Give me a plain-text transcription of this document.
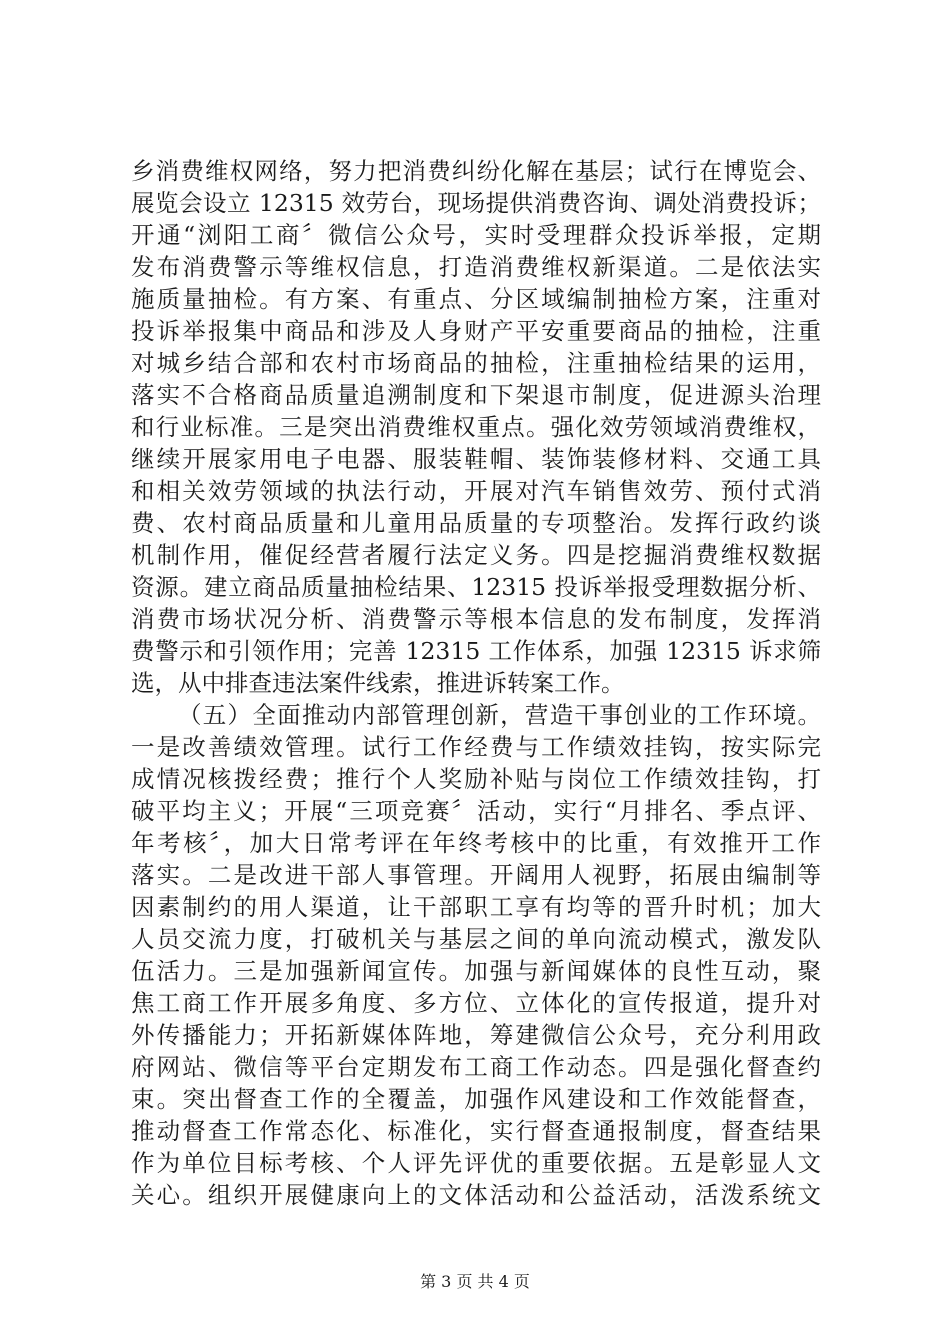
乡消费维权网络，努力把消费纠纷化解在基层；试行在博览会、
展览会设立 12315 效劳台，现场提供消费咨询、调处消费投诉；
开通“浏阳工商〞微信公众号，实时受理群众投诉举报，定期
发布消费警示等维权信息，打造消费维权新渠道。二是依法实
施质量抽检。有方案、有重点、分区域编制抽检方案，注重对
投诉举报集中商品和涉及人身财产平安重要商品的抽检，注重
对城乡结合部和农村市场商品的抽检，注重抽检结果的运用，
落实不合格商品质量追溯制度和下架退市制度，促进源头治理
和行业标准。三是突出消费维权重点。强化效劳领域消费维权，
继续开展家用电子电器、服装鞋帽、装饰装修材料、交通工具
和相关效劳领域的执法行动，开展对汽车销售效劳、预付式消
费、农村商品质量和儿童用品质量的专项整治。发挥行政约谈
机制作用，催促经营者履行法定义务。四是挖掘消费维权数据
资源。建立商品质量抽检结果、12315 投诉举报受理数据分析、
消费市场状况分析、消费警示等根本信息的发布制度，发挥消
费警示和引领作用；完善 12315 工作体系，加强 12315 诉求筛
选，从中排查违法案件线索，推进诉转案工作。
（五）全面推动内部管理创新，营造干事创业的工作环境。
一是改善绩效管理。试行工作经费与工作绩效挂钩，按实际完
成情况核拨经费；推行个人奖励补贴与岗位工作绩效挂钩，打
破平均主义；开展“三项竞赛〞活动，实行“月排名、季点评、
年考核〞，加大日常考评在年终考核中的比重，有效推开工作
落实。二是改进干部人事管理。开阔用人视野，拓展由编制等
因素制约的用人渠道，让干部职工享有均等的晋升时机；加大
人员交流力度，打破机关与基层之间的单向流动模式，激发队
伍活力。三是加强新闻宣传。加强与新闻媒体的良性互动，聚
焦工商工作开展多角度、多方位、立体化的宣传报道，提升对
外传播能力；开拓新媒体阵地，筹建微信公众号，充分利用政
府网站、微信等平台定期发布工商工作动态。四是强化督查约
束。突出督查工作的全覆盖，加强作风建设和工作效能督查，
推动督查工作常态化、标准化，实行督查通报制度，督查结果
作为单位目标考核、个人评先评优的重要依据。五是彰显人文
关心。组织开展健康向上的文体活动和公益活动，活泼系统文
第 3 页 共 4 页
